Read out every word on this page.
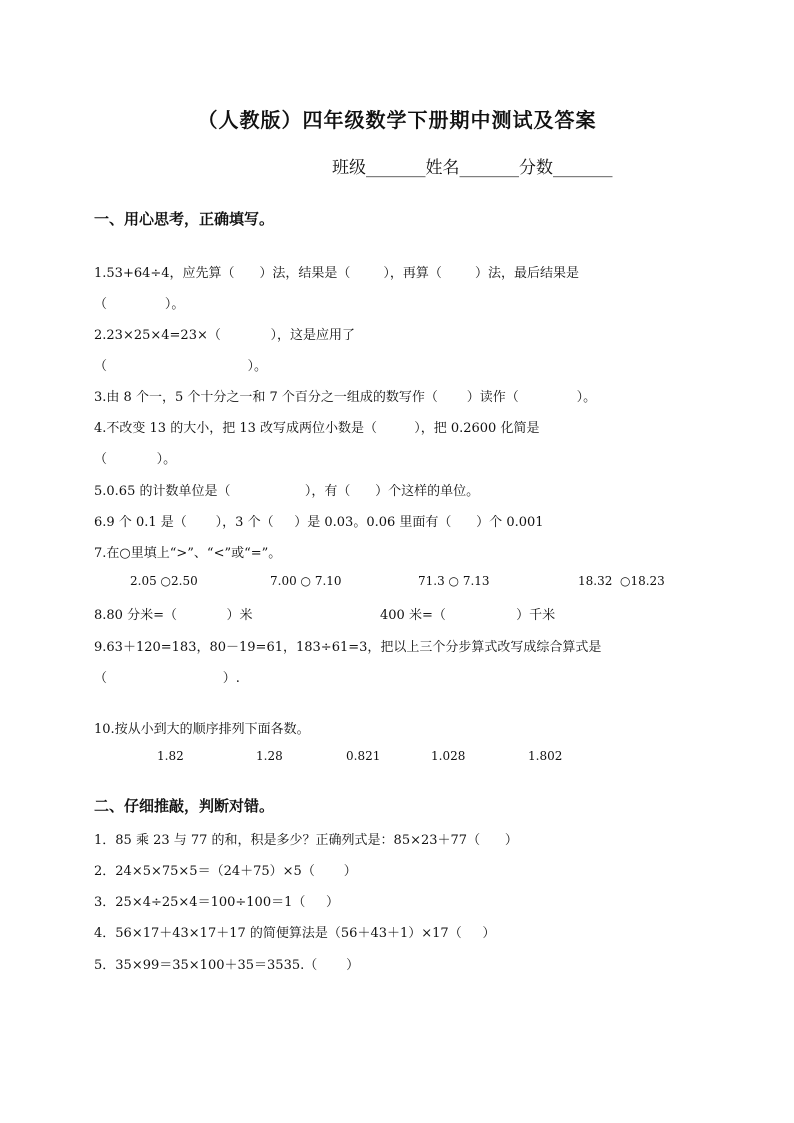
（人教版）四年级数学下册期中测试及答案
班级_______姓名_______分数_______
一、用心思考，正确填写。
1.53+64÷4，应先算（      ）法，结果是（        ），再算（        ）法，最后结果是
（              ）。
2.23×25×4=23×（            ），这是应用了
（                                  ）。
3.由 8 个一，5 个十分之一和 7 个百分之一组成的数写作（       ）读作（              ）。
4.不改变 13 的大小，把 13 改写成两位小数是（         ），把 0.2600 化简是
（            ）。
5.0.65 的计数单位是（                  ），有（      ）个这样的单位。
6.9 个 0.1 是（       ），3 个（     ）是 0.03。0.06 里面有（      ）个 0.001
7.在○里填上“>”、“<”或“=”。
2.05 ○2.50	7.00 ○ 7.10	71.3 ○ 7.13	18.32  ○18.23
8.80 分米=（            ）米	400 米=（                 ）千米
9.63＋120=183，80－19=61，183÷61=3，把以上三个分步算式改写成综合算式是
（                            ）.
10.按从小到大的顺序排列下面各数。
1.82	1.28	0.821	1.028	1.802
二、仔细推敲，判断对错。
1．85 乘 23 与 77 的和，积是多少？正确列式是：85×23＋77（      ）
2．24×5×75×5＝（24＋75）×5（       ）
3．25×4÷25×4＝100÷100＝1（     ）
4．56×17＋43×17＋17 的简便算法是（56＋43＋1）×17（     ）
5．35×99＝35×100＋35＝3535.（       ）
